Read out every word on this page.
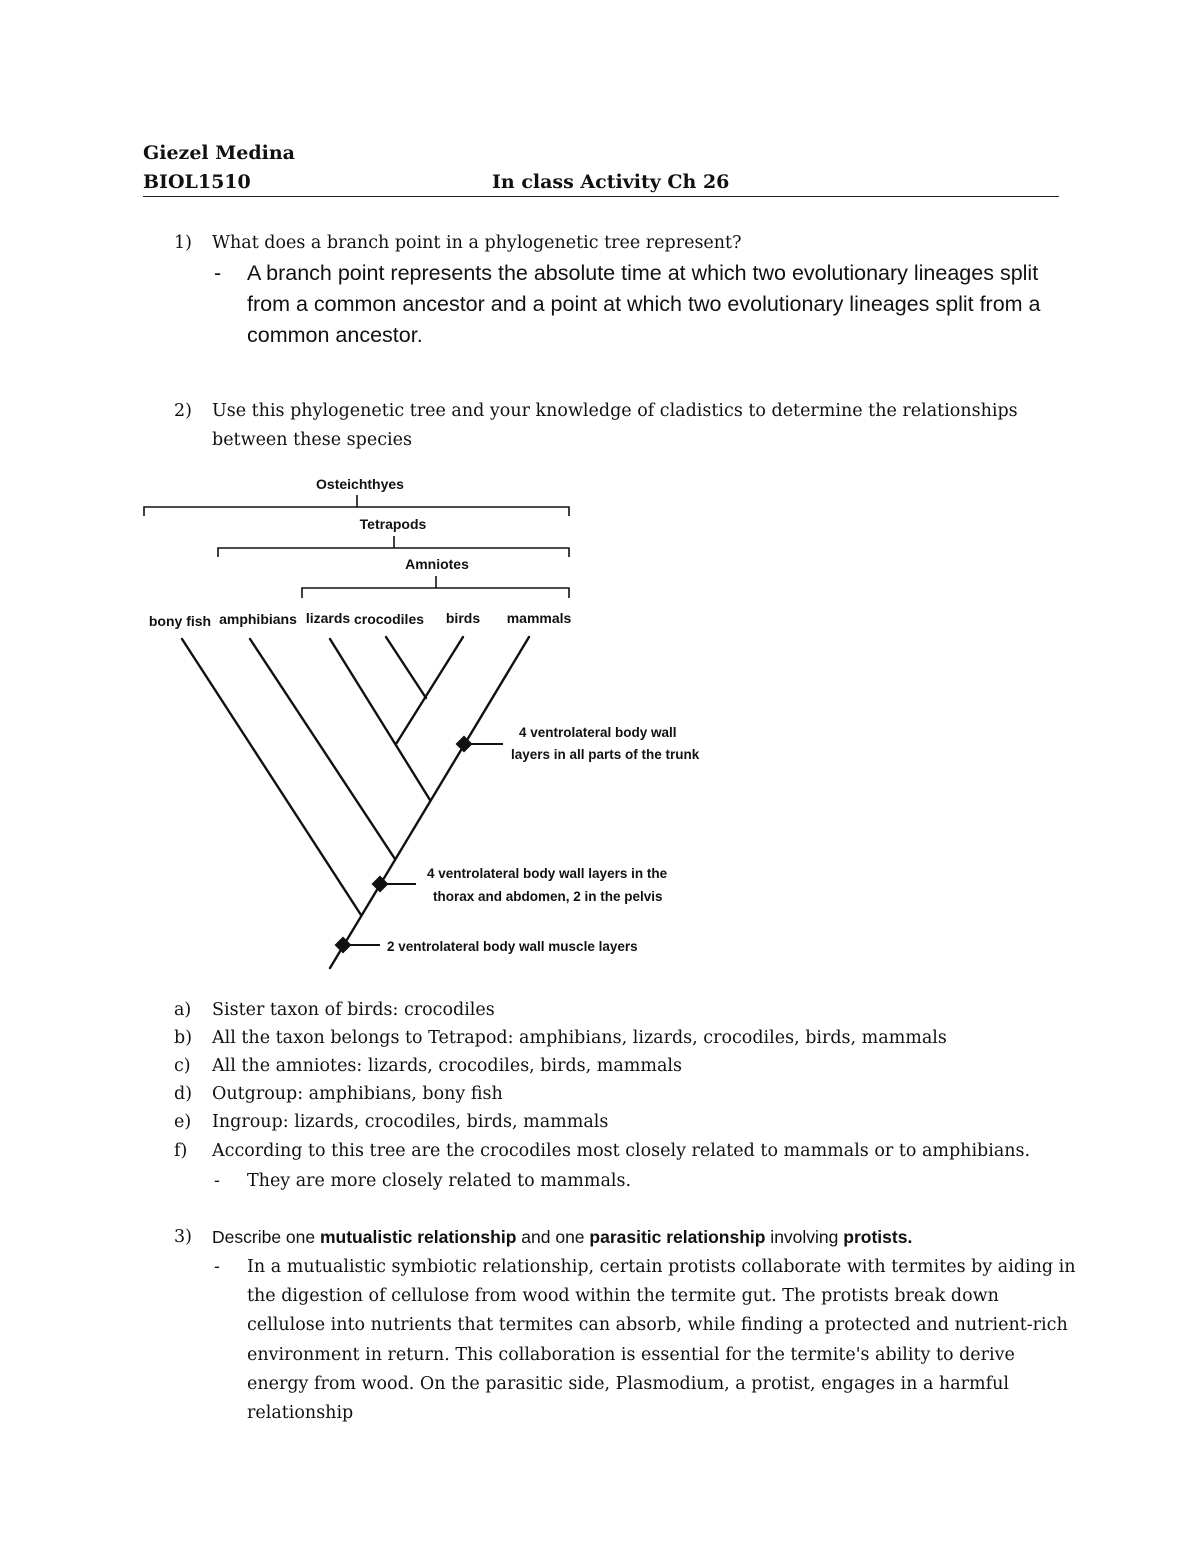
Giezel Medina
BIOL1510	In class Activity Ch 26
1)	What does a branch point in a phylogenetic tree represent?
- A branch point represents the absolute time at which two evolutionary lineages split from a common ancestor and a point at which two evolutionary lineages split from a common ancestor.
2)	Use this phylogenetic tree and your knowledge of cladistics to determine the relationships
between these species
Osteichthyes
Tetrapods
Amniotes
bony fish amphibians lizards crocodiles birds mammals
2 ventrolateral body wall muscle layers
4 ventrolateral body wall layers in the
thorax and abdomen, 2 in the pelvis
4 ventrolateral body wall
layers in all parts of the trunk
a) Sister taxon of birds: crocodiles
b) All the taxon belongs to Tetrapod: amphibians, lizards, crocodiles, birds, mammals
c) All the amniotes: lizards, crocodiles, birds, mammals
d) Outgroup: amphibians, bony fish
e) Ingroup: lizards, crocodiles, birds, mammals
f) According to this tree are the crocodiles most closely related to mammals or to amphibians.
- They are more closely related to mammals.
3)	Describe one mutualistic relationship and one parasitic relationship involving protists.
- In a mutualistic symbiotic relationship, certain protists collaborate with termites by aiding in the digestion of cellulose from wood within the termite gut. The protists break down cellulose into nutrients that termites can absorb, while finding a protected and nutrient-rich environment in return. This collaboration is essential for the termite's ability to derive energy from wood. On the parasitic side, Plasmodium, a protist, engages in a harmful relationship
